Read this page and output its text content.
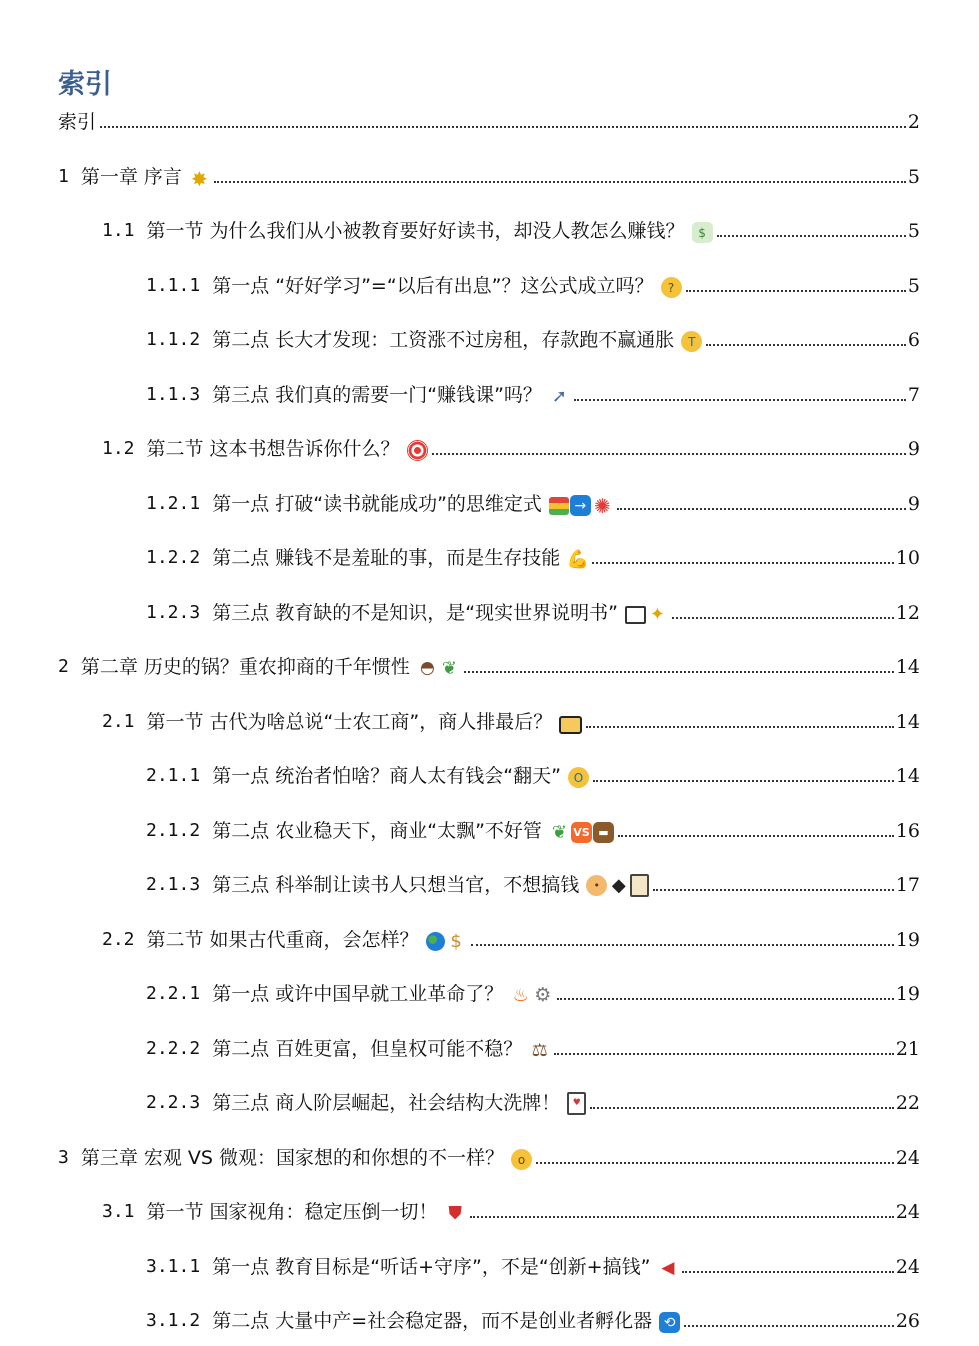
索引
索引	2
1 第一章 序言 ✸	5
1.1 第一节 为什么我们从小被教育要好好读书，却没人教怎么赚钱？	$	5
1.1.1 第一点 “好好学习”=“以后有出息”？这公式成立吗？	?	5
1.1.2 第二点 长大才发现：工资涨不过房租，存款跑不赢通胀	T	6
1.1.3 第三点 我们真的需要一门“赚钱课”吗？ ➚	7
1.2 第二节 这本书想告诉你什么？	9
1.2.1 第一点 打破“读书就能成功”的思维定式	→ ✺	9
1.2.2 第二点 赚钱不是羞耻的事，而是生存技能 💪	10
1.2.3 第三点 教育缺的不是知识，是“现实世界说明书” ✦	12
2 第二章 历史的锅？重农抑商的千年惯性 ◓ ❦	14
2.1 第一节 古代为啥总说“士农工商”，商人排最后？	14
2.1.1 第一点 统治者怕啥？商人太有钱会“翻天”	O	14
2.1.2 第二点 农业稳天下，商业“太飘”不好管 ❦ VS ▬	16
2.1.3 第三点 科举制让读书人只想当官，不想搞钱	• ◆	17
2.2 第二节 如果古代重商，会怎样？ $	19
2.2.1 第一点 或许中国早就工业革命了？ ♨ ⚙	19
2.2.2 第二点 百姓更富，但皇权可能不稳？ ⚖	21
2.2.3 第三点 商人阶层崛起，社会结构大洗牌！	♥	22
3 第三章 宏观 VS 微观：国家想的和你想的不一样？	o	24
3.1 第一节 国家视角：稳定压倒一切！ ⛊	24
3.1.1 第一点 教育目标是“听话+守序”，不是“创新+搞钱” ◀	24
3.1.2 第二点 大量中产=社会稳定器，而不是创业者孵化器 ⟲	26
